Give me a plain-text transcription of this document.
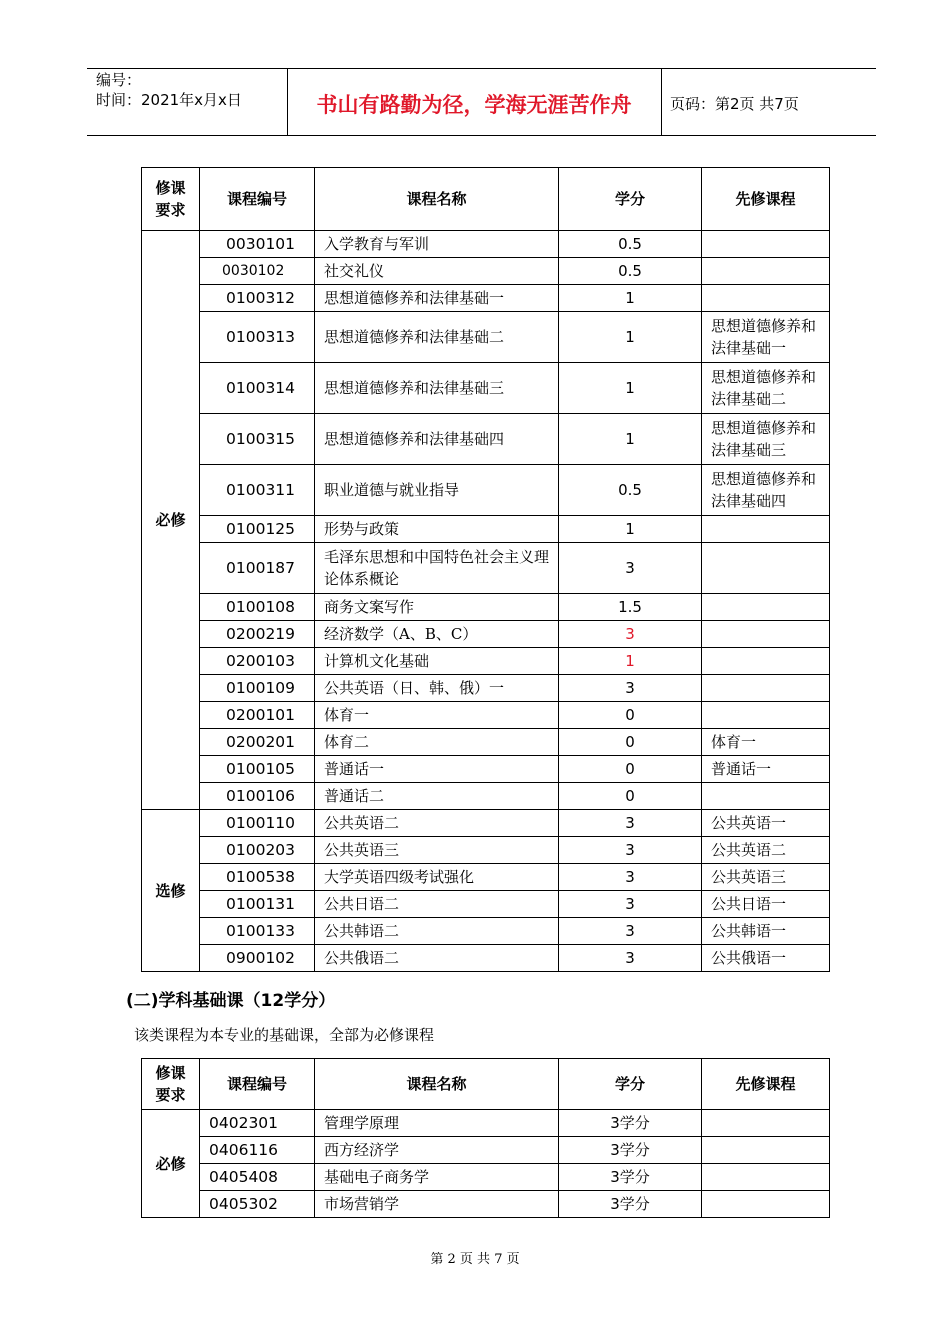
编号：
时间：2021年x月x日	书山有路勤为径，学海无涯苦作舟	页码：第2页 共7页
修课要求	课程编号	课程名称	学分	先修课程
必修	0030101	入学教育与军训	0.5	
	0030102	社交礼仪	0.5	
	0100312	思想道德修养和法律基础一	1	
	0100313	思想道德修养和法律基础二	1	思想道德修养和法律基础一
	0100314	思想道德修养和法律基础三	1	思想道德修养和法律基础二
	0100315	思想道德修养和法律基础四	1	思想道德修养和法律基础三
	0100311	职业道德与就业指导	0.5	思想道德修养和法律基础四
	0100125	形势与政策	1	
	0100187	毛泽东思想和中国特色社会主义理论体系概论	3	
	0100108	商务文案写作	1.5	
	0200219	经济数学（A、B、C）	3	
	0200103	计算机文化基础	1	
	0100109	公共英语（日、韩、俄）一	3	
	0200101	体育一	0	
	0200201	体育二	0	体育一
	0100105	普通话一	0	普通话一
	0100106	普通话二	0	
选修	0100110	公共英语二	3	公共英语一
	0100203	公共英语三	3	公共英语二
	0100538	大学英语四级考试强化	3	公共英语三
	0100131	公共日语二	3	公共日语一
	0100133	公共韩语二	3	公共韩语一
	0900102	公共俄语二	3	公共俄语一
(二)学科基础课（12学分）
该类课程为本专业的基础课，全部为必修课程
修课要求	课程编号	课程名称	学分	先修课程
必修	0402301	管理学原理	3学分	
	0406116	西方经济学	3学分	
	0405408	基础电子商务学	3学分	
	0405302	市场营销学	3学分	
第 2 页 共 7 页
